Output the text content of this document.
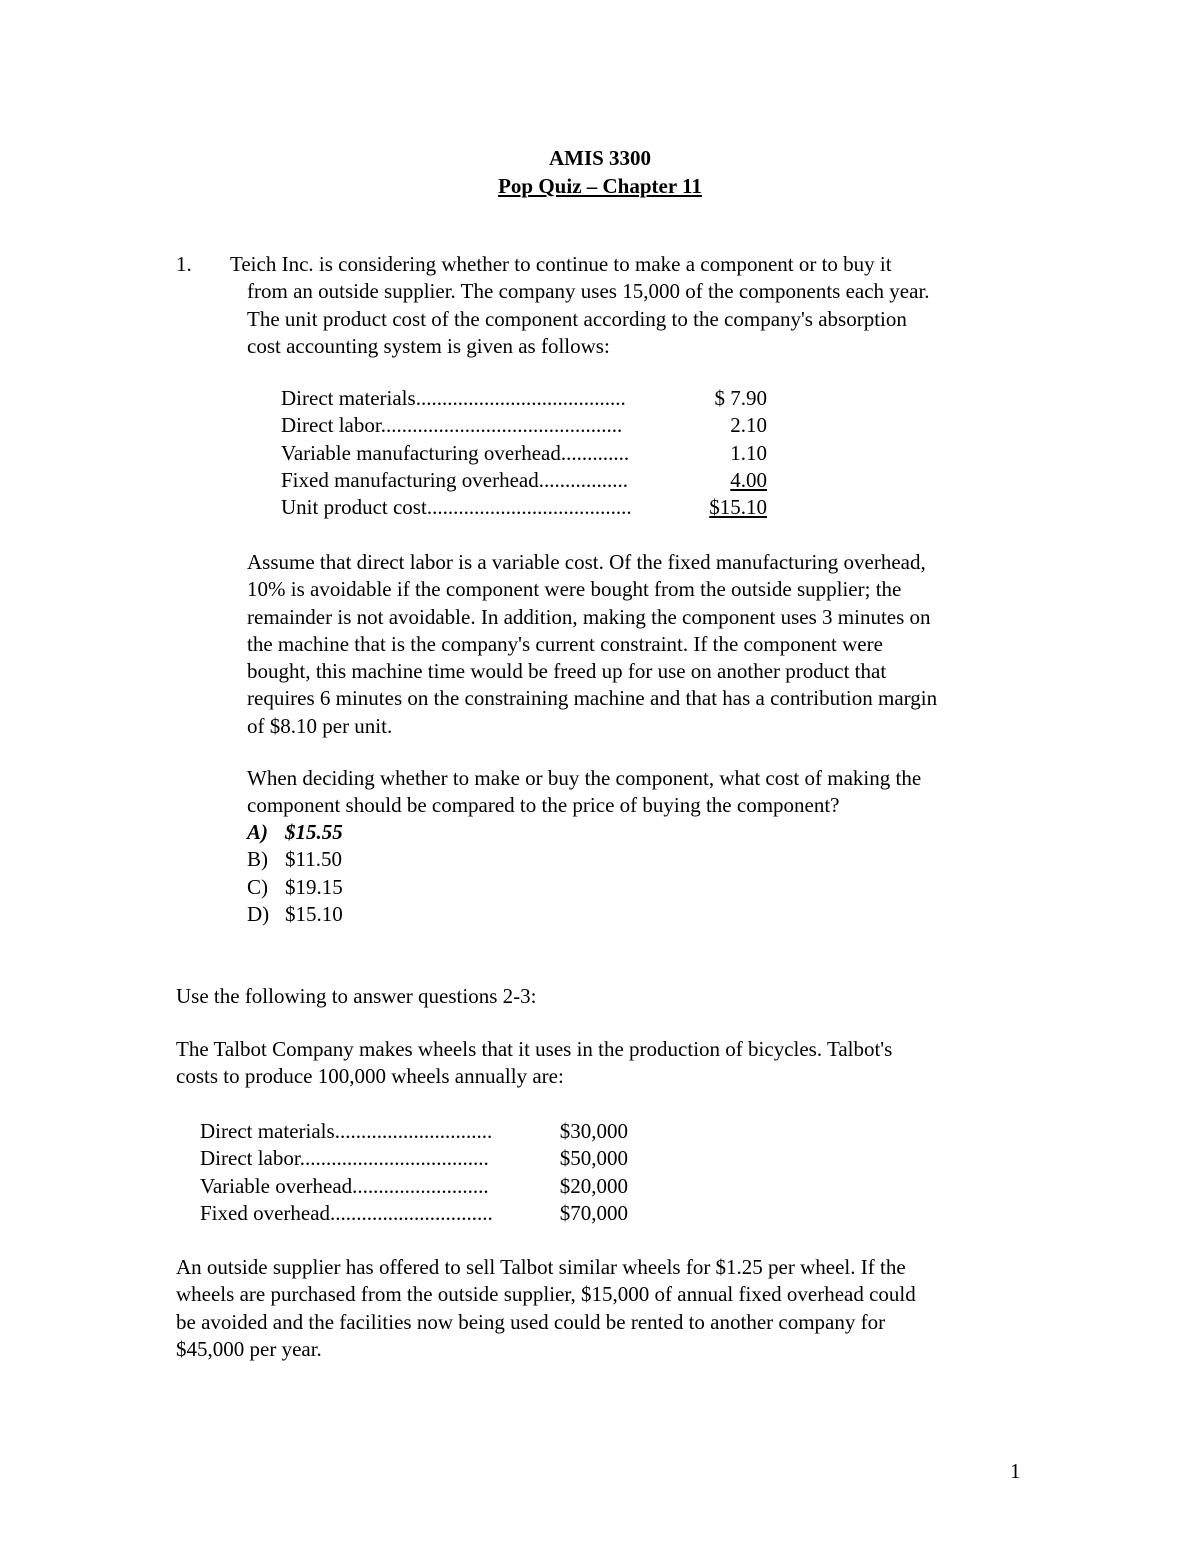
AMIS 3300
Pop Quiz – Chapter 11
1.	Teich Inc. is considering whether to continue to make a component or to buy it
from an outside supplier. The company uses 15,000 of the components each year.
The unit product cost of the component according to the company's absorption
cost accounting system is given as follows:
Direct materials........................................	$ 7.90
Direct labor..............................................	2.10
Variable manufacturing overhead.............	1.10
Fixed manufacturing overhead.................	4.00
Unit product cost.......................................	$15.10
Assume that direct labor is a variable cost. Of the fixed manufacturing overhead,
10% is avoidable if the component were bought from the outside supplier; the
remainder is not avoidable. In addition, making the component uses 3 minutes on
the machine that is the company's current constraint. If the component were
bought, this machine time would be freed up for use on another product that
requires 6 minutes on the constraining machine and that has a contribution margin
of $8.10 per unit.
When deciding whether to make or buy the component, what cost of making the
component should be compared to the price of buying the component?
A) $15.55
B) $11.50
C) $19.15
D) $15.10
Use the following to answer questions 2-3:
The Talbot Company makes wheels that it uses in the production of bicycles. Talbot's
costs to produce 100,000 wheels annually are:
Direct materials..............................	$30,000
Direct labor....................................	$50,000
Variable overhead..........................	$20,000
Fixed overhead...............................	$70,000
An outside supplier has offered to sell Talbot similar wheels for $1.25 per wheel. If the
wheels are purchased from the outside supplier, $15,000 of annual fixed overhead could
be avoided and the facilities now being used could be rented to another company for
$45,000 per year.
1
